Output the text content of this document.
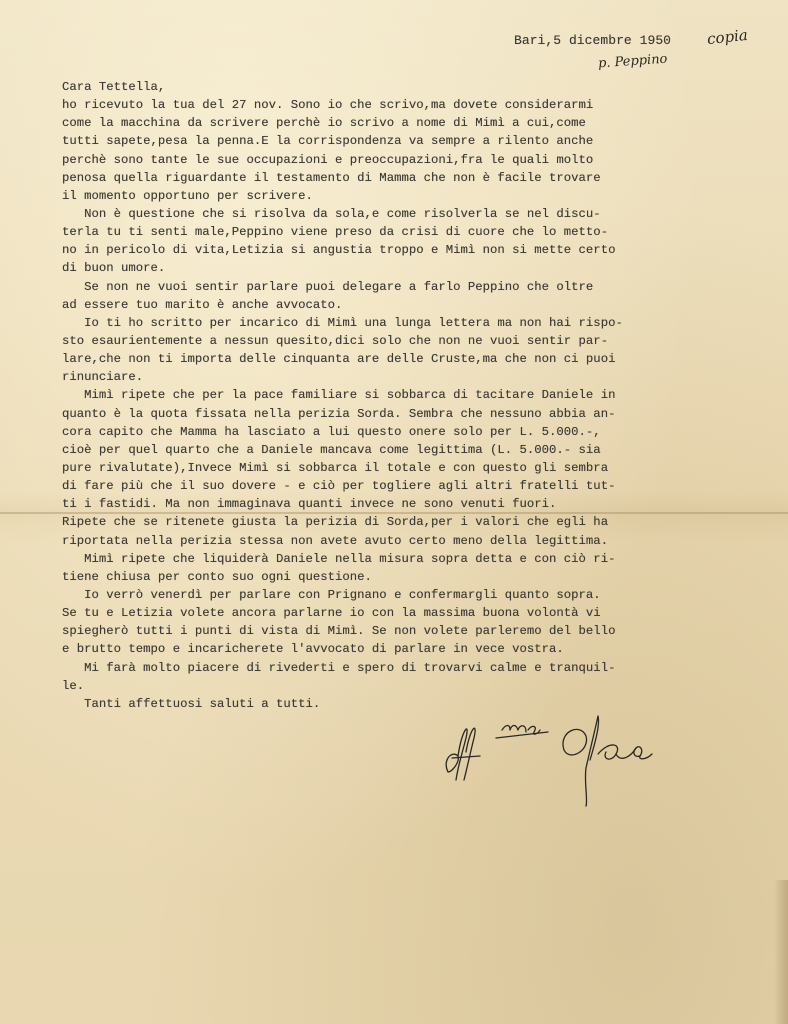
Bari,5 dicembre 1950 copia
p. Peppino
Cara Tettella,
ho ricevuto la tua del 27 nov. Sono io che scrivo,ma dovete considerarmi
come la macchina da scrivere perchè io scrivo a nome di Mimì a cui,come
tutti sapete,pesa la penna.E la corrispondenza va sempre a rilento anche
perchè sono tante le sue occupazioni e preoccupazioni,fra le quali molto
penosa quella riguardante il testamento di Mamma che non è facile trovare
il momento opportuno per scrivere.
Non è questione che si risolva da sola,e come risolverla se nel discu-
terla tu ti senti male,Peppino viene preso da crisi di cuore che lo metto-
no in pericolo di vita,Letizia si angustia troppo e Mimì non si mette certo
di buon umore.
Se non ne vuoi sentir parlare puoi delegare a farlo Peppino che oltre
ad essere tuo marito è anche avvocato.
Io ti ho scritto per incarico di Mimì una lunga lettera ma non hai rispo-
sto esaurientemente a nessun quesito,dici solo che non ne vuoi sentir par-
lare,che non ti importa delle cinquanta are delle Cruste,ma che non ci puoi
rinunciare.
Mimì ripete che per la pace familiare si sobbarca di tacitare Daniele in
quanto è la quota fissata nella perizia Sorda. Sembra che nessuno abbia an-
cora capito che Mamma ha lasciato a lui questo onere solo per L. 5.000.-,
cioè per quel quarto che a Daniele mancava come legittima (L. 5.000.- sia
pure rivalutate),Invece Mimì si sobbarca il totale e con questo gli sembra
di fare più che il suo dovere - e ciò per togliere agli altri fratelli tut-
ti i fastidi. Ma non immaginava quanti invece ne sono venuti fuori.
Ripete che se ritenete giusta la perizia di Sorda,per i valori che egli ha
riportata nella perizia stessa non avete avuto certo meno della legittima.
Mimì ripete che liquiderà Daniele nella misura sopra detta e con ciò ri-
tiene chiusa per conto suo ogni questione.
Io verrò venerdì per parlare con Prignano e confermargli quanto sopra.
Se tu e Letizia volete ancora parlarne io con la massima buona volontà vi
spiegherò tutti i punti di vista di Mimì. Se non volete parleremo del bello
e brutto tempo e incaricherete l'avvocato di parlare in vece vostra.
Mi farà molto piacere di rivederti e spero di trovarvi calme e tranquil-
le.
Tanti affettuosi saluti a tutti.
